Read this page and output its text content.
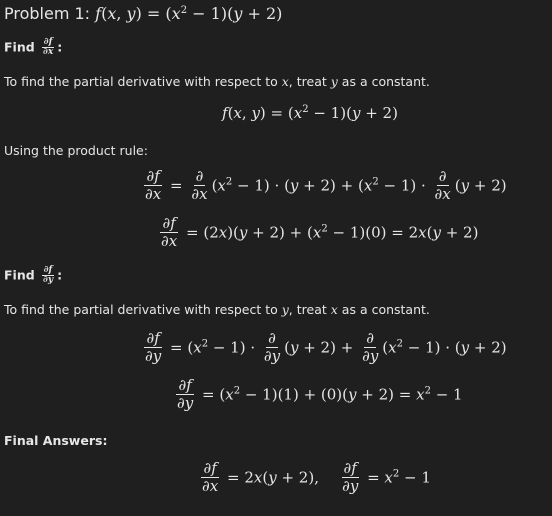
Problem 1: f(x, $y) = (x^2 - 1)(y + 2)$
Find $\frac{\partial f}{\partial x}$ :
To find the partial derivative with respect to x, treat y as a constant.
f(x, $y) = (x^2 - 1)(y + 2)$
Using the product rule:
$\frac{\partial f}{\partial x} = \frac{\partial}{\partial x} (x^2 - 1) \cdot (y + 2) + (x^2 - 1) \cdot \frac{\partial}{\partial x} (y + 2)$
$\frac{\partial f}{\partial x} = (2x)(y + 2) + (x^2 - 1)(0) = 2x(y + 2)$
Find $\frac{\partial f}{\partial y}$ :
To find the partial derivative with respect to y, treat x as a constant.
$\frac{\partial f}{\partial y} = (x^2 - 1) \cdot \frac{\partial}{\partial y} (y + 2) + \frac{\partial}{\partial y} (x^2 - 1) \cdot (y + 2)$
$\frac{\partial f}{\partial y} = (x^2 - 1)(1) + (0)(y + 2) = x^2 - 1$
Final Answers:
$\frac{\partial f}{\partial x} = 2x(y + 2)$, $\frac{\partial f}{\partial y} = x^2 - 1$
